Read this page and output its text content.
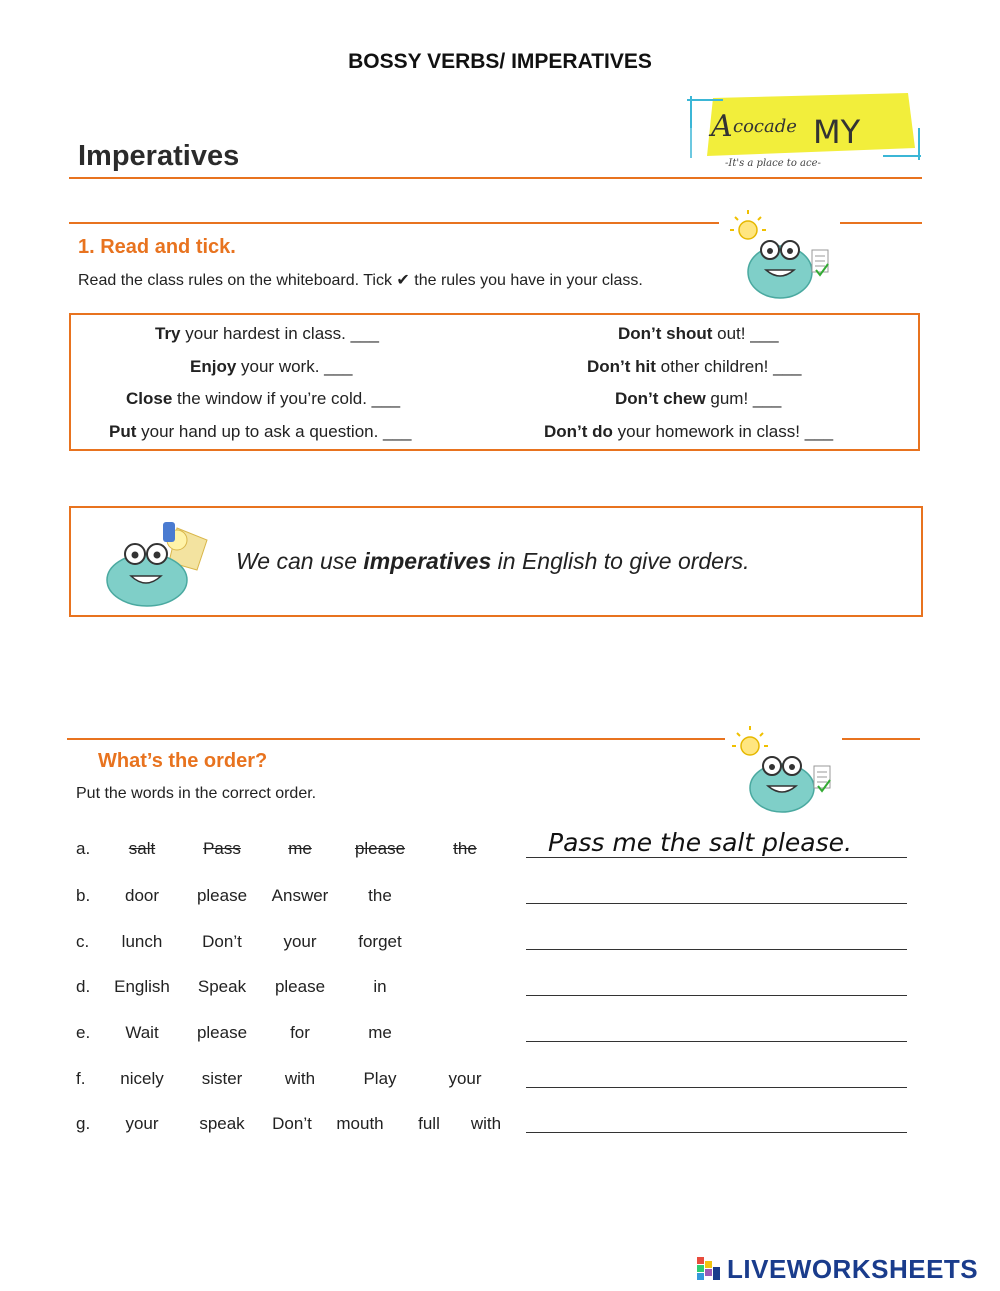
BOSSY VERBS/ IMPERATIVES
A cocade MY
-It's a place to ace-
Imperatives
1. Read and tick.
Read the class rules on the whiteboard. Tick ✔ the rules you have in your class.
Try your hardest in class. ___
Enjoy your work. ___
Close the window if you’re cold. ___
Put your hand up to ask a question. ___
Don’t shout out! ___
Don’t hit other children! ___
Don’t chew gum! ___
Don’t do your homework in class! ___
We can use imperatives in English to give orders.
What’s the order?
Put the words in the correct order.
a.	salt	Pass	me	please	the	Pass me the salt please.
b.	door	please	Answer	the
c.	lunch	Don’t	your	forget
d.	English	Speak	please	in
e.	Wait	please	for	me
f.	nicely	sister	with	Play	your
g.	your	speak	Don’t	mouth	full	with
LIVEWORKSHEETS
